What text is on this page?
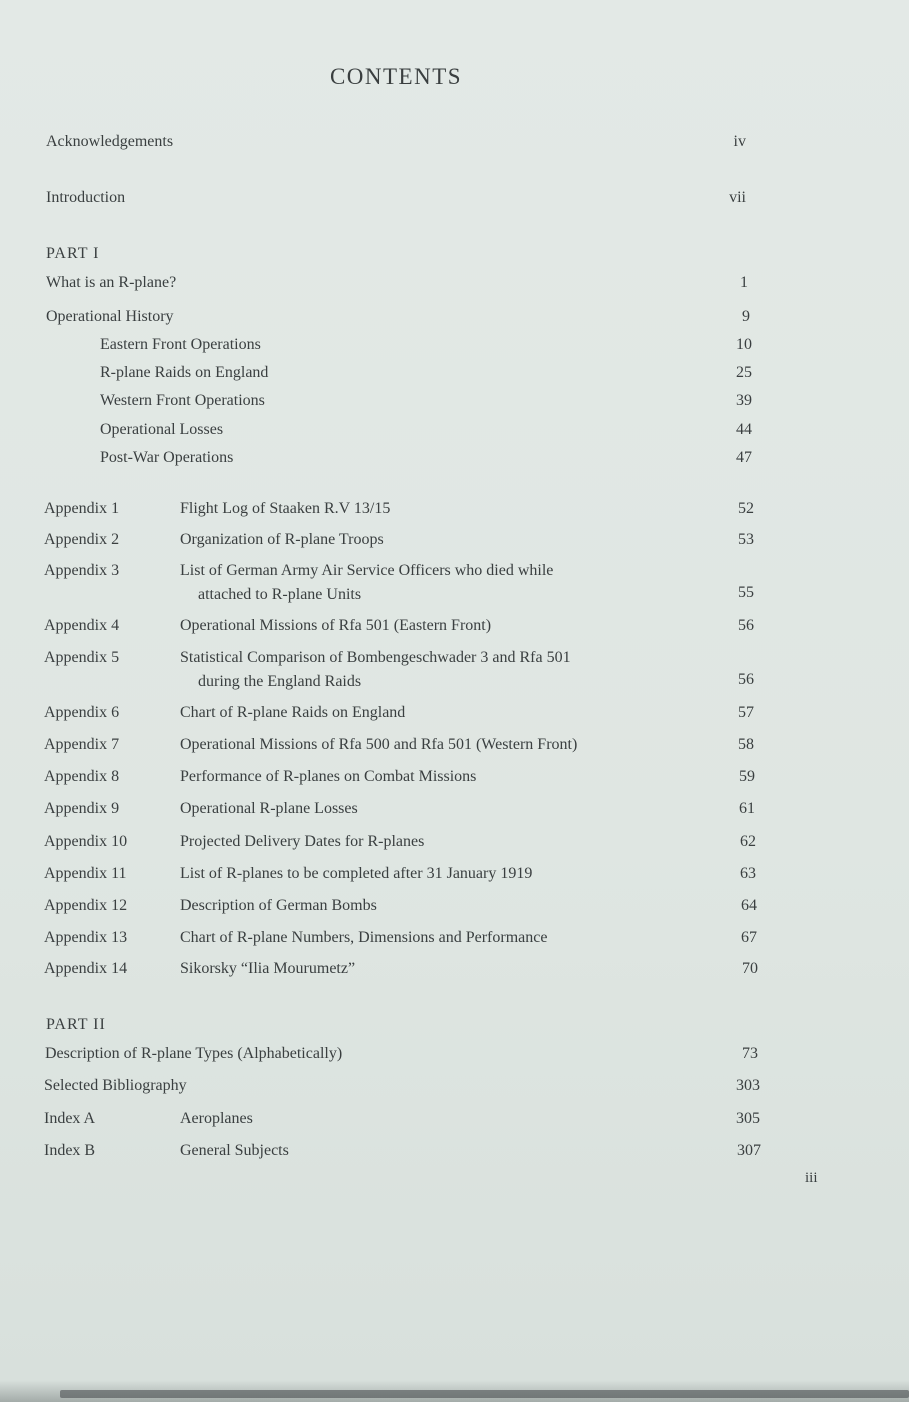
CONTENTS
Acknowledgements	iv
Introduction	vii
PART I
What is an R-plane?	1
Operational History	9
Eastern Front Operations	10
R-plane Raids on England	25
Western Front Operations	39
Operational Losses	44
Post-War Operations	47
Appendix 1	Flight Log of Staaken R.V 13/15	52
Appendix 2	Organization of R-plane Troops	53
Appendix 3	List of German Army Air Service Officers who died while
attached to R-plane Units	55
Appendix 4	Operational Missions of Rfa 501 (Eastern Front)	56
Appendix 5	Statistical Comparison of Bombengeschwader 3 and Rfa 501
during the England Raids	56
Appendix 6	Chart of R-plane Raids on England	57
Appendix 7	Operational Missions of Rfa 500 and Rfa 501 (Western Front)	58
Appendix 8	Performance of R-planes on Combat Missions	59
Appendix 9	Operational R-plane Losses	61
Appendix 10	Projected Delivery Dates for R-planes	62
Appendix 11	List of R-planes to be completed after 31 January 1919	63
Appendix 12	Description of German Bombs	64
Appendix 13	Chart of R-plane Numbers, Dimensions and Performance	67
Appendix 14	Sikorsky “Ilia Mourumetz”	70
PART II
Description of R-plane Types (Alphabetically)	73
Selected Bibliography	303
Index A	Aeroplanes	305
Index B	General Subjects	307
iii
